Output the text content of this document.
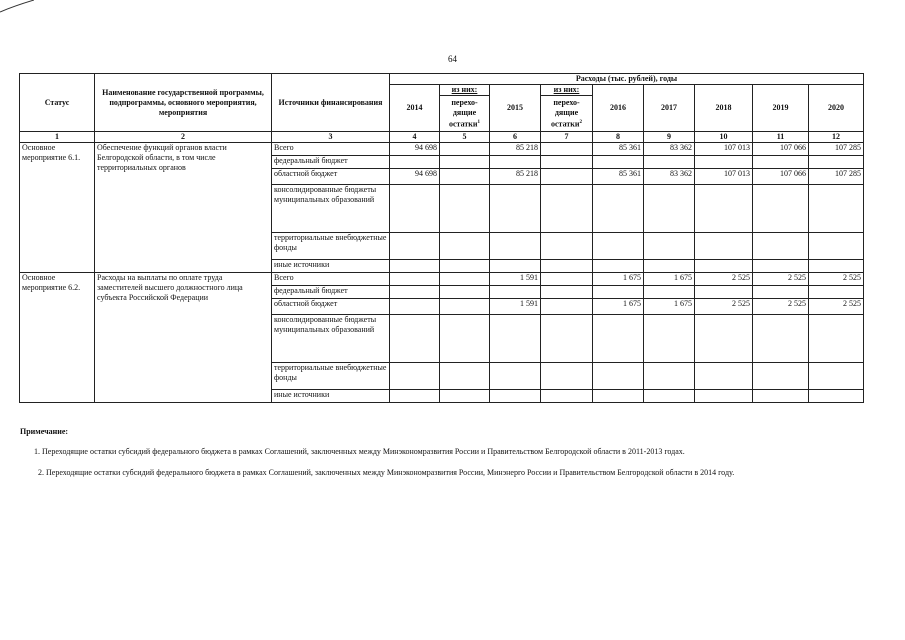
64
Статус	Наименование государственной программы, подпрограммы, основного мероприятия, мероприятия	Источники финансирования	Расходы (тыс. рублей), годы								
			2014	из них:	2015	из них:	2016	2017	2018	2019	2020
				перехо-дящие остатки$^1$		перехо-дящие остатки$^2$
1	2	3	4	5	6	7	8	9	10	11	12
Основное мероприятие 6.1.	Обеспечение функций органов власти Белгородской области, в том числе территориальных органов	Всего	94 698		85 218		85 361	83 362	107 013	107 066	107 285
		федеральный бюджет									
		областной бюджет	94 698		85 218		85 361	83 362	107 013	107 066	107 285
		консолидированные бюджеты муниципальных образований									
		территориальные внебюджетные фонды									
		иные источники									
Основное мероприятие 6.2.	Расходы на выплаты по оплате труда заместителей высшего должностного лица субъекта Российской Федерации	Всего			1 591		1 675	1 675	2 525	2 525	2 525
		федеральный бюджет									
		областной бюджет			1 591		1 675	1 675	2 525	2 525	2 525
		консолидированные бюджеты муниципальных образований									
		территориальные внебюджетные фонды									
		иные источники									
Примечание:
1. Переходящие остатки субсидий федерального бюджета в рамках Соглашений, заключенных между Минэкономразвития России и Правительством Белгородской области в 2011-2013 годах.
2. Переходящие остатки субсидий федерального бюджета в рамках Соглашений, заключенных между Минэкономразвития России, Минэнерго России и Правительством Белгородской области в 2014 году.
